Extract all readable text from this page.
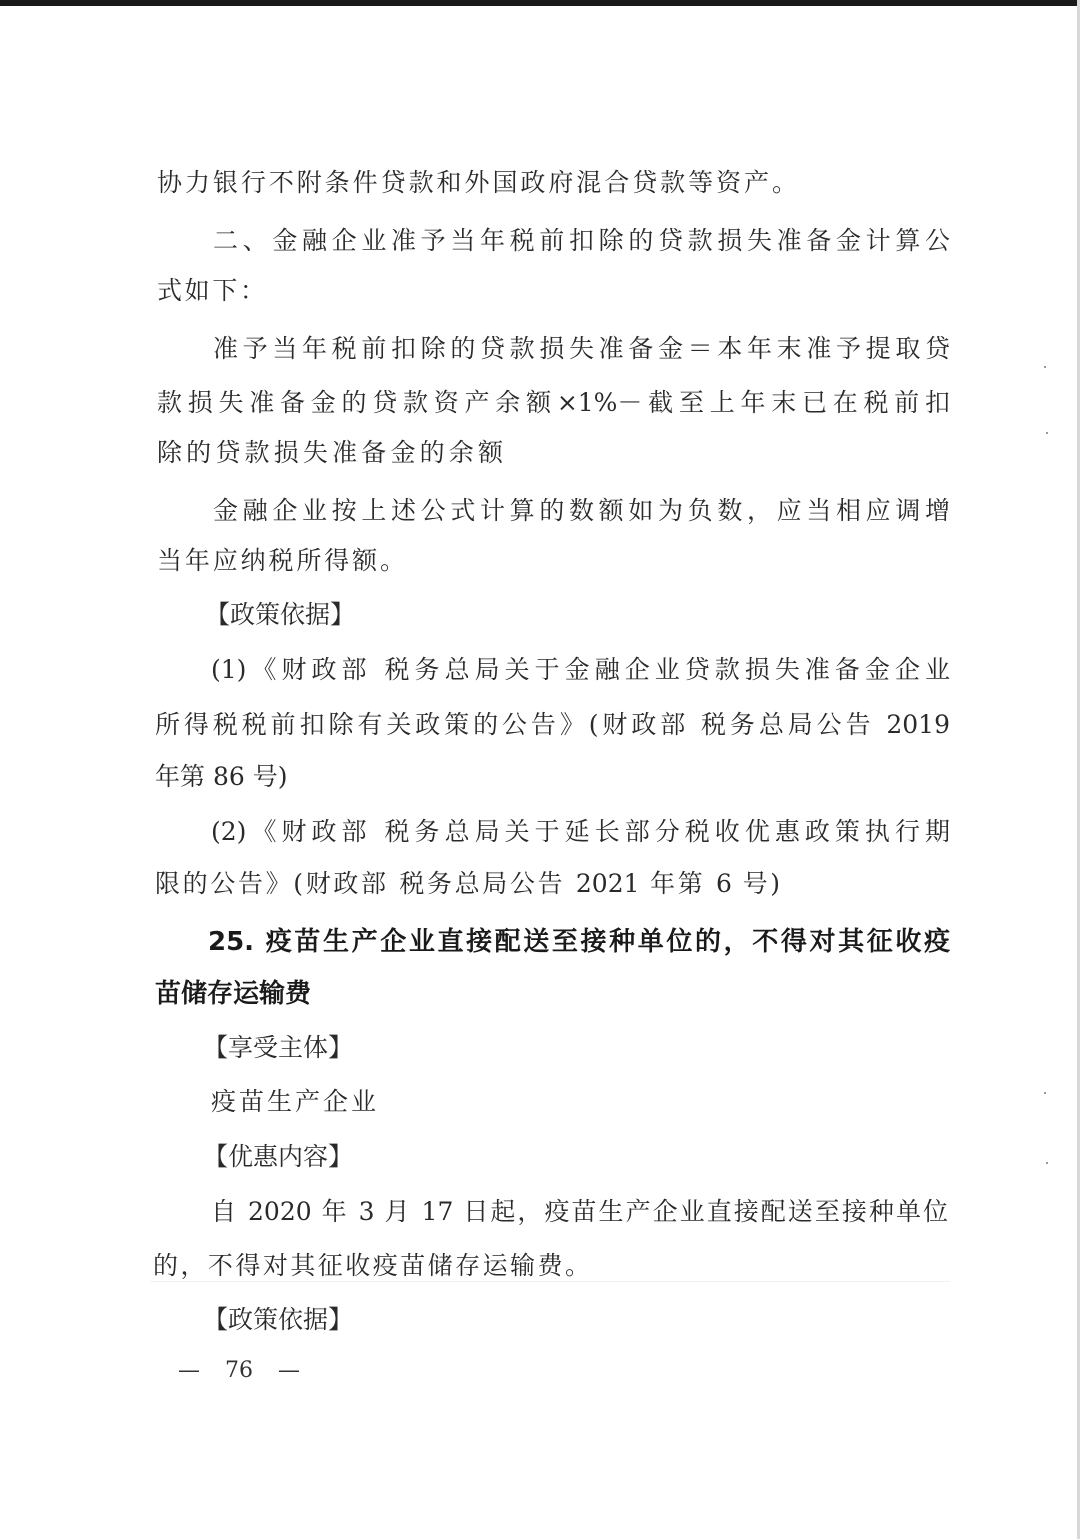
协力银行不附条件贷款和外国政府混合贷款等资产。
二、金融企业准予当年税前扣除的贷款损失准备金计算公
式如下：
准予当年税前扣除的贷款损失准备金＝本年末准予提取贷
款损失准备金的贷款资产余额×1%－截至上年末已在税前扣
除的贷款损失准备金的余额
金融企业按上述公式计算的数额如为负数，应当相应调增
当年应纳税所得额。
【政策依据】
(1)《财政部 税务总局关于金融企业贷款损失准备金企业
所得税税前扣除有关政策的公告》(财政部 税务总局公告 2019
年第 86 号)
(2)《财政部 税务总局关于延长部分税收优惠政策执行期
限的公告》(财政部 税务总局公告 2021 年第 6 号)
25. 疫苗生产企业直接配送至接种单位的，不得对其征收疫
苗储存运输费
【享受主体】
疫苗生产企业
【优惠内容】
自 2020 年 3 月 17 日起，疫苗生产企业直接配送至接种单位
的，不得对其征收疫苗储存运输费。
【政策依据】
— 76 —
